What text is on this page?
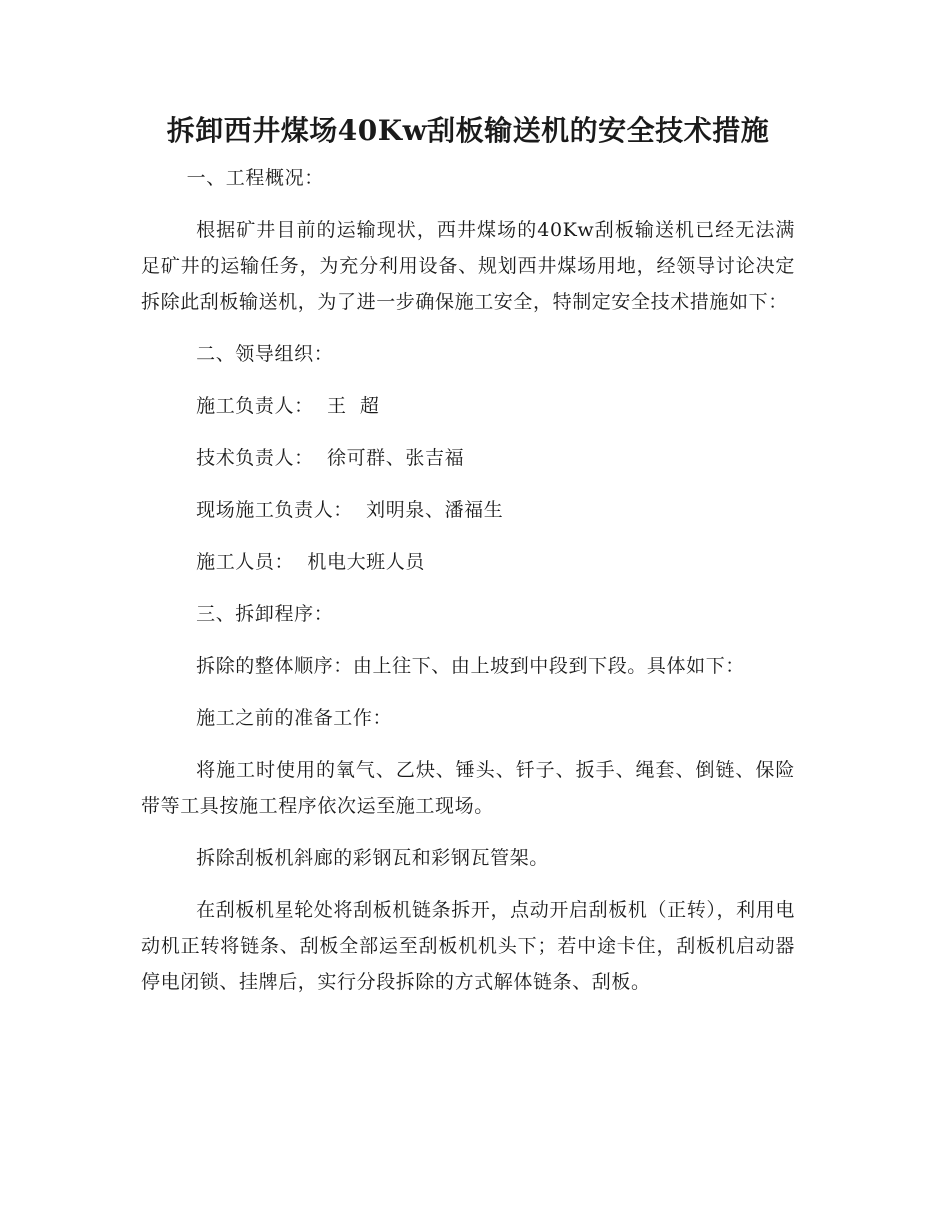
拆卸西井煤场40Kw刮板输送机的安全技术措施

一、工程概况：

根据矿井目前的运输现状，西井煤场的40Kw刮板输送机已经无法满足矿井的运输任务，为充分利用设备、规划西井煤场用地，经领导讨论决定拆除此刮板输送机，为了进一步确保施工安全，特制定安全技术措施如下：

二、领导组织：

施工负责人：  王  超

技术负责人：  徐可群、张吉福

现场施工负责人：  刘明泉、潘福生

施工人员：  机电大班人员

三、拆卸程序：

拆除的整体顺序：由上往下、由上坡到中段到下段。具体如下：

施工之前的准备工作：

将施工时使用的氧气、乙炔、锤头、钎子、扳手、绳套、倒链、保险带等工具按施工程序依次运至施工现场。

拆除刮板机斜廊的彩钢瓦和彩钢瓦管架。

在刮板机星轮处将刮板机链条拆开，点动开启刮板机（正转），利用电动机正转将链条、刮板全部运至刮板机机头下；若中途卡住，刮板机启动器停电闭锁、挂牌后，实行分段拆除的方式解体链条、刮板。
